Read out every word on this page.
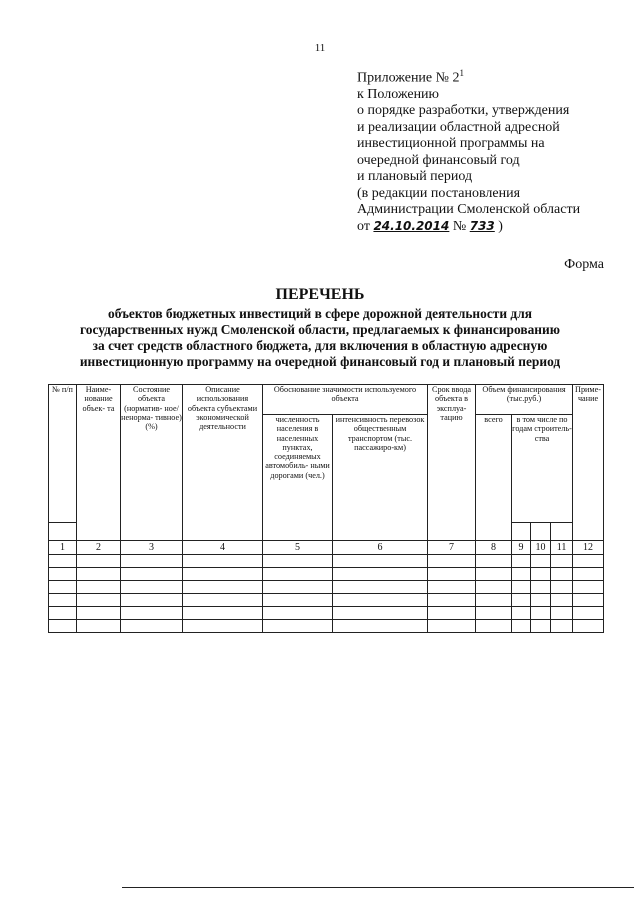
11
Приложение № $2^1$
к Положению
о порядке разработки, утверждения
и реализации областной адресной
инвестиционной программы на
очередной финансовый год
и плановый период
(в редакции постановления
Администрации Смоленской области
от 24.10.2014 № 733 )
Форма
ПЕРЕЧЕНЬ
объектов бюджетных инвестиций в сфере дорожной деятельности для
государственных нужд Смоленской области, предлагаемых к финансированию
за счет средств областного бюджета, для включения в областную адресную
инвестиционную программу на очередной финансовый год и плановый период
№ п/п	Наиме- нование объек- та	Состояние объекта (норматив- ное/ ненорма- тивное) (%)	Описание использования объекта субъектами экономической деятельности	Обоснование значимости используемого объекта		Срок ввода объекта в эксплуа- тацию	Объем финансирования (тыс.руб.)				Приме- чание
				численность населения в населенных пунктах, соединяемых автомобиль- ными дорогами (чел.)	интенсивность перевозок общественным транспортом (тыс. пассажиро-км)		всего	в том числе по годам строитель- ства			

1	2	3	4	5	6	7	8	9	10	11	12
